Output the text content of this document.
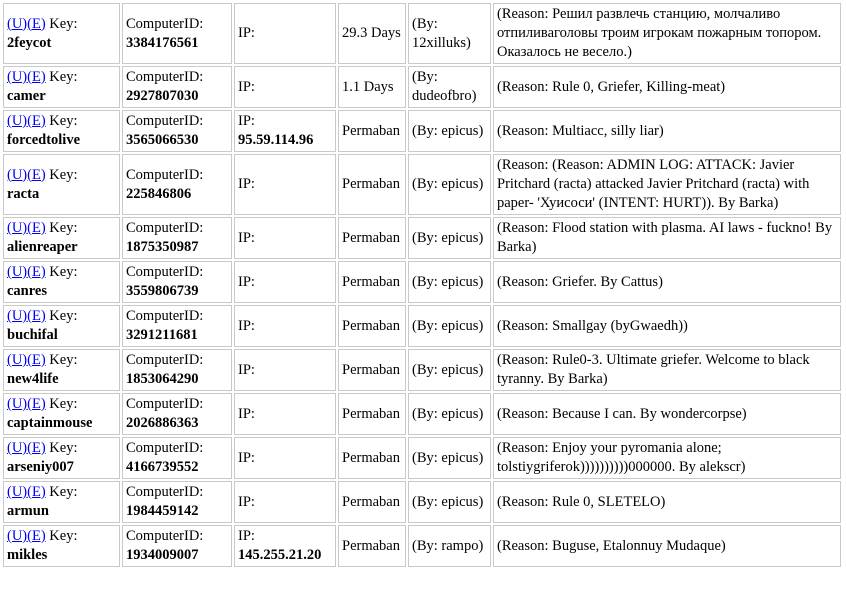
(U)(E) Key:
2feycot	ComputerID:
3384176561	IP:	29.3 Days	(By: 12xilluks)	(Reason: Решил развлечь станцию, молчаливо отпиливаголовы троим игрокам пожарным топором. Оказалось не весело.)
(U)(E) Key:
camer	ComputerID:
2927807030	IP:	1.1 Days	(By: dudeofbro)	(Reason: Rule 0, Griefer, Killing-meat)
(U)(E) Key:
forcedtolive	ComputerID:
3565066530	IP:
95.59.114.96	Permaban	(By: epicus)	(Reason: Multiacc, silly liar)
(U)(E) Key:
racta	ComputerID:
225846806	IP:	Permaban	(By: epicus)	(Reason: (Reason: ADMIN LOG: ATTACK: Javier Pritchard (racta) attacked Javier Pritchard (racta) with paper- 'Хуисоси' (INTENT: HURT)). By Barka)
(U)(E) Key:
alienreaper	ComputerID:
1875350987	IP:	Permaban	(By: epicus)	(Reason: Flood station with plasma. AI laws - fuckno! By Barka)
(U)(E) Key:
canres	ComputerID:
3559806739	IP:	Permaban	(By: epicus)	(Reason: Griefer. By Cattus)
(U)(E) Key:
buchifal	ComputerID:
3291211681	IP:	Permaban	(By: epicus)	(Reason: Smallgay (byGwaedh))
(U)(E) Key:
new4life	ComputerID:
1853064290	IP:	Permaban	(By: epicus)	(Reason: Rule0-3. Ultimate griefer. Welcome to black tyranny. By Barka)
(U)(E) Key:
captainmouse	ComputerID:
2026886363	IP:	Permaban	(By: epicus)	(Reason: Because I can. By wondercorpse)
(U)(E) Key:
arseniy007	ComputerID:
4166739552	IP:	Permaban	(By: epicus)	(Reason: Enjoy your pyromania alone; tolstiygriferok))))))))))000000. By alekscr)
(U)(E) Key:
armun	ComputerID:
1984459142	IP:	Permaban	(By: epicus)	(Reason: Rule 0, SLETELO)
(U)(E) Key:
mikles	ComputerID:
1934009007	IP:
145.255.21.20	Permaban	(By: rampo)	(Reason: Buguse, Etalonnuy Mudaque)
